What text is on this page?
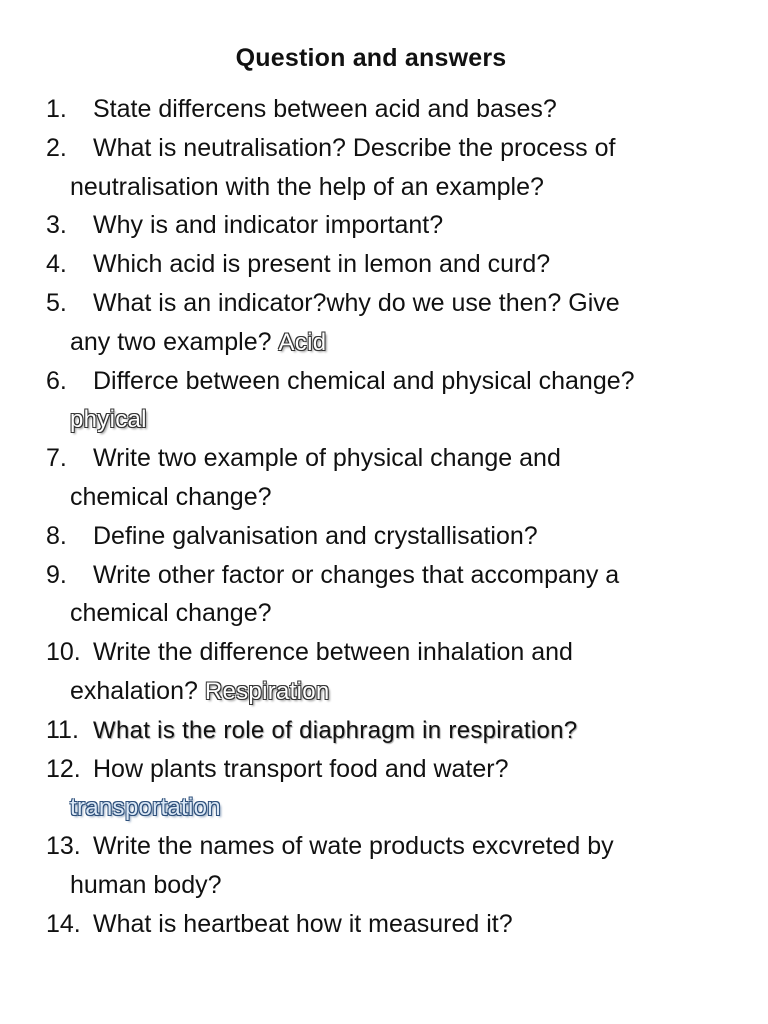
Question and answers
1. State differcens between acid and bases?
2. What is neutralisation? Describe the process of
neutralisation with the help of an example?
3. Why is and indicator important?
4. Which acid is present in lemon and curd?
5. What is an indicator?why do we use then? Give
any two example? Acid
6. Differce between chemical and physical change?
phyical
7. Write two example of physical change and
chemical change?
8. Define galvanisation and crystallisation?
9. Write other factor or changes that accompany a
chemical change?
10. Write the difference between inhalation and
exhalation? Respiration
11. What is the role of diaphragm in respiration?
12. How plants transport food and water?
transportation
13. Write the names of wate products excvreted by
human body?
14. What is heartbeat how it measured it?
